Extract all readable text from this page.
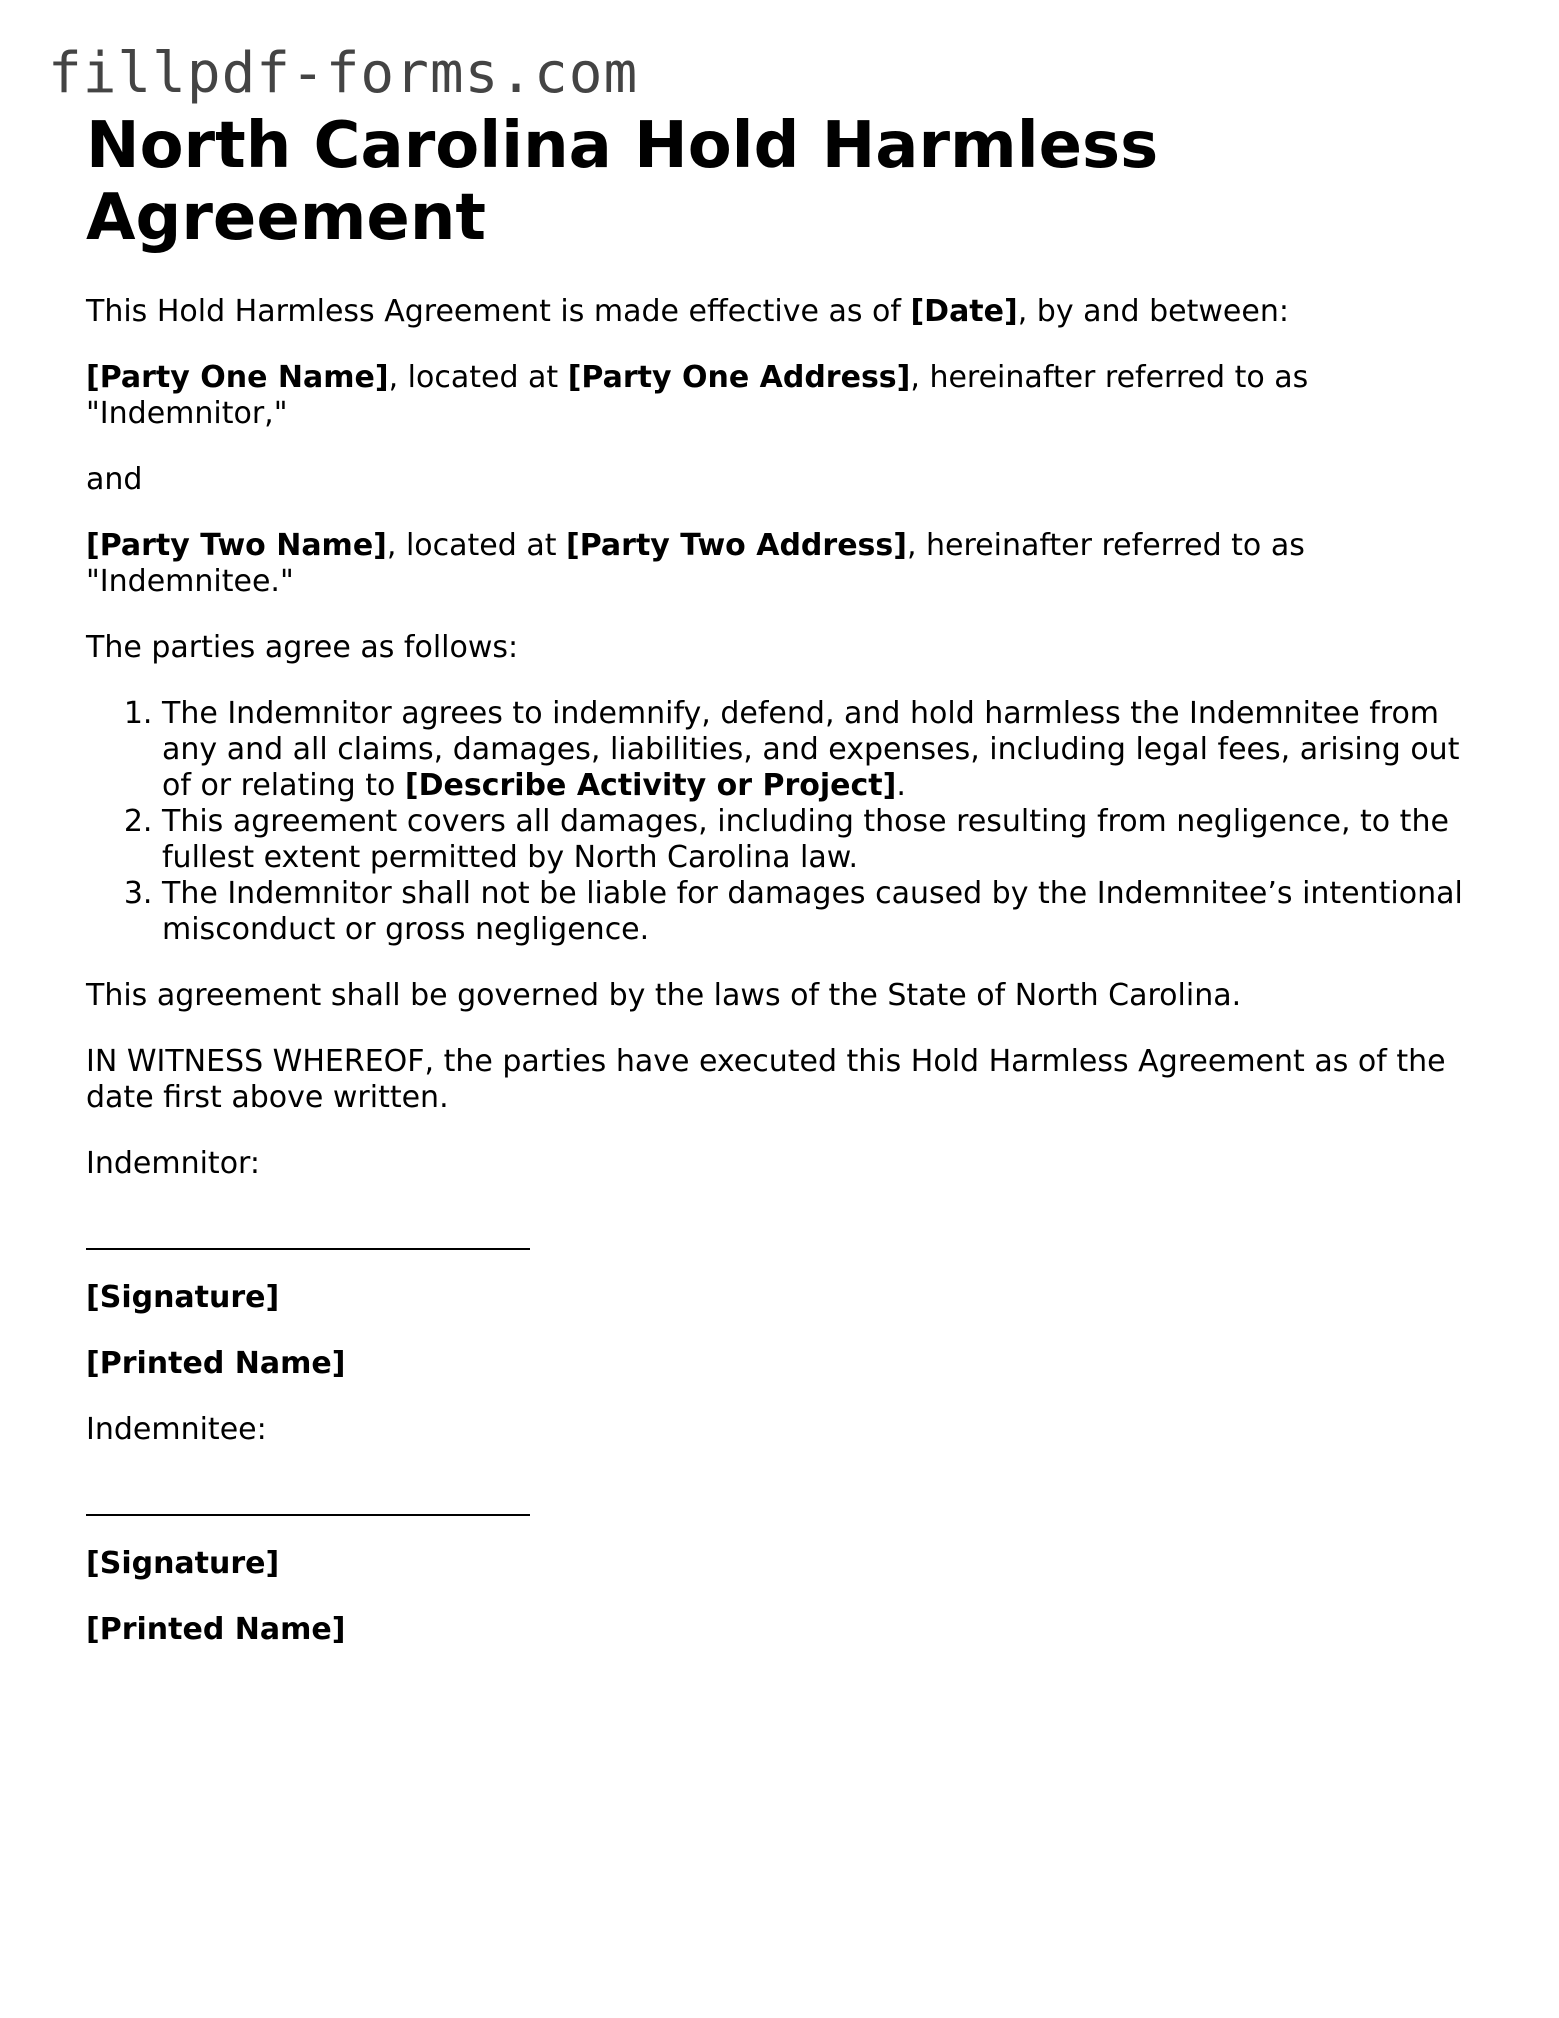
fillpdf-forms.com
North Carolina Hold Harmless Agreement

This Hold Harmless Agreement is made effective as of [Date], by and between:

[Party One Name], located at [Party One Address], hereinafter referred to as "Indemnitor,"

and

[Party Two Name], located at [Party Two Address], hereinafter referred to as "Indemnitee."

The parties agree as follows:

1. The Indemnitor agrees to indemnify, defend, and hold harmless the Indemnitee from any and all claims, damages, liabilities, and expenses, including legal fees, arising out of or relating to [Describe Activity or Project].
2. This agreement covers all damages, including those resulting from negligence, to the fullest extent permitted by North Carolina law.
3. The Indemnitor shall not be liable for damages caused by the Indemnitee’s intentional misconduct or gross negligence.

This agreement shall be governed by the laws of the State of North Carolina.

IN WITNESS WHEREOF, the parties have executed this Hold Harmless Agreement as of the date first above written.

Indemnitor:

[Signature]

[Printed Name]

Indemnitee:

[Signature]

[Printed Name]
